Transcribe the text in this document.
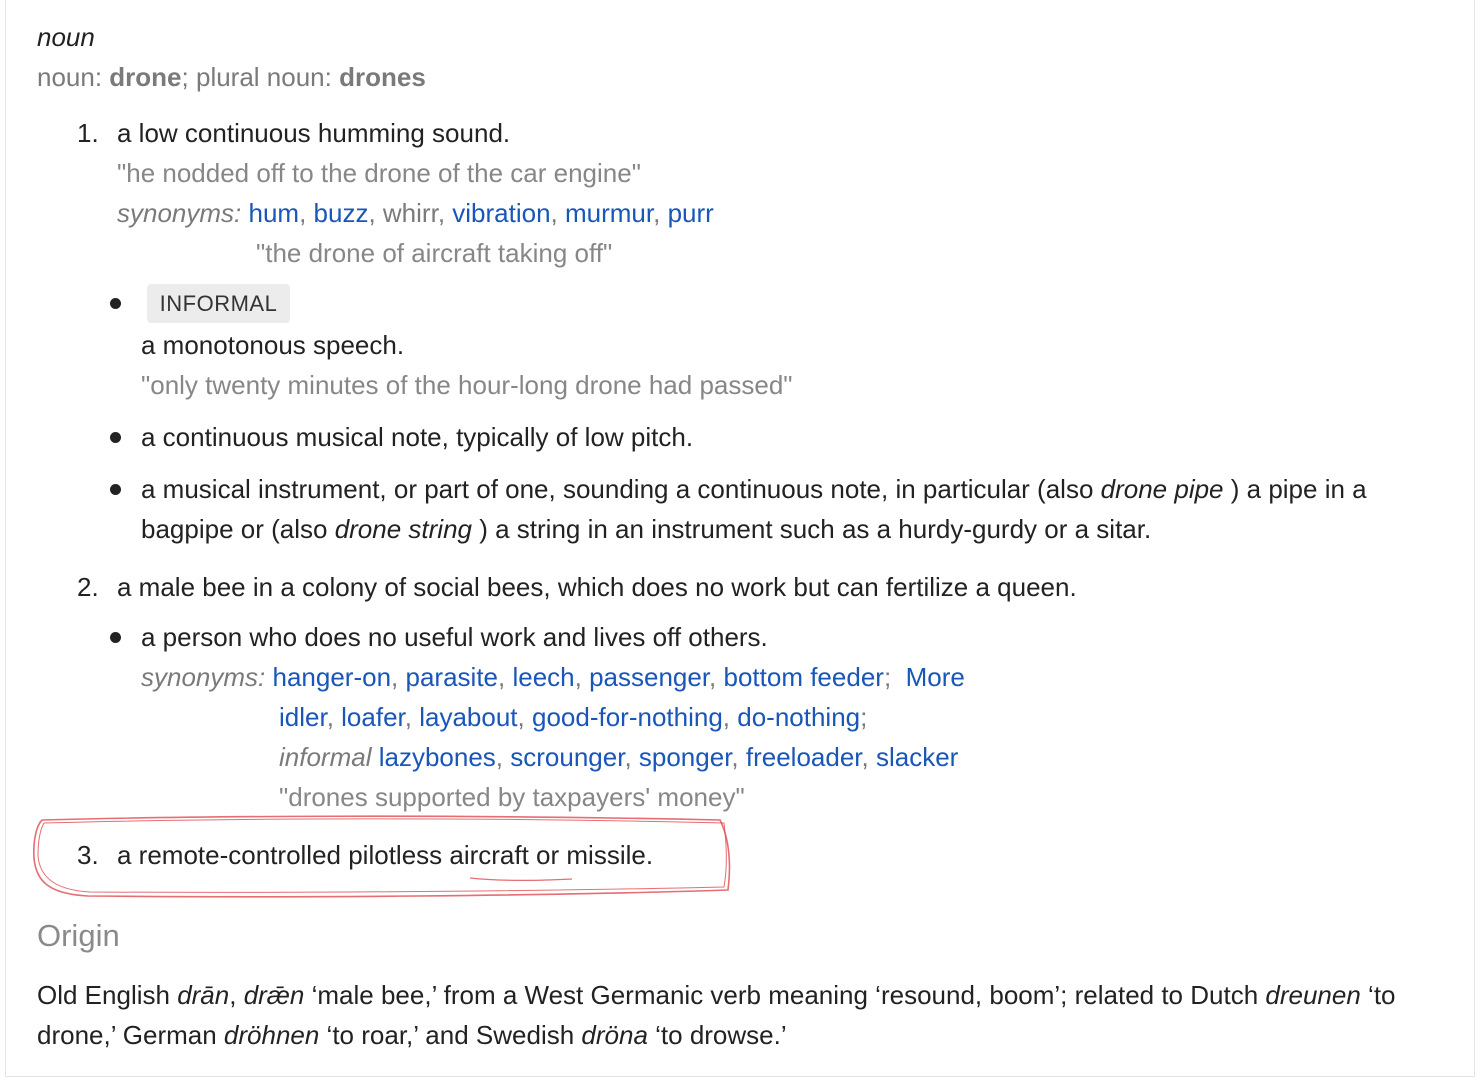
noun
noun: drone; plural noun: drones
1. a low continuous humming sound.
"he nodded off to the drone of the car engine"
synonyms: hum, buzz, whirr, vibration, murmur, purr
"the drone of aircraft taking off"
INFORMAL
a monotonous speech.
"only twenty minutes of the hour-long drone had passed"
a continuous musical note, typically of low pitch.
a musical instrument, or part of one, sounding a continuous note, in particular (also drone pipe ) a pipe in a bagpipe or (also drone string ) a string in an instrument such as a hurdy-gurdy or a sitar.
2. a male bee in a colony of social bees, which does no work but can fertilize a queen.
a person who does no useful work and lives off others.
synonyms: hanger-on, parasite, leech, passenger, bottom feeder;  More
idler, loafer, layabout, good-for-nothing, do-nothing;
informal lazybones, scrounger, sponger, freeloader, slacker
"drones supported by taxpayers' money"
3. a remote-controlled pilotless aircraft or missile.
Origin
Old English drān, drǣn ‘male bee,’ from a West Germanic verb meaning ‘resound, boom’; related to Dutch dreunen ‘to drone,’ German dröhnen ‘to roar,’ and Swedish dröna ‘to drowse.’
